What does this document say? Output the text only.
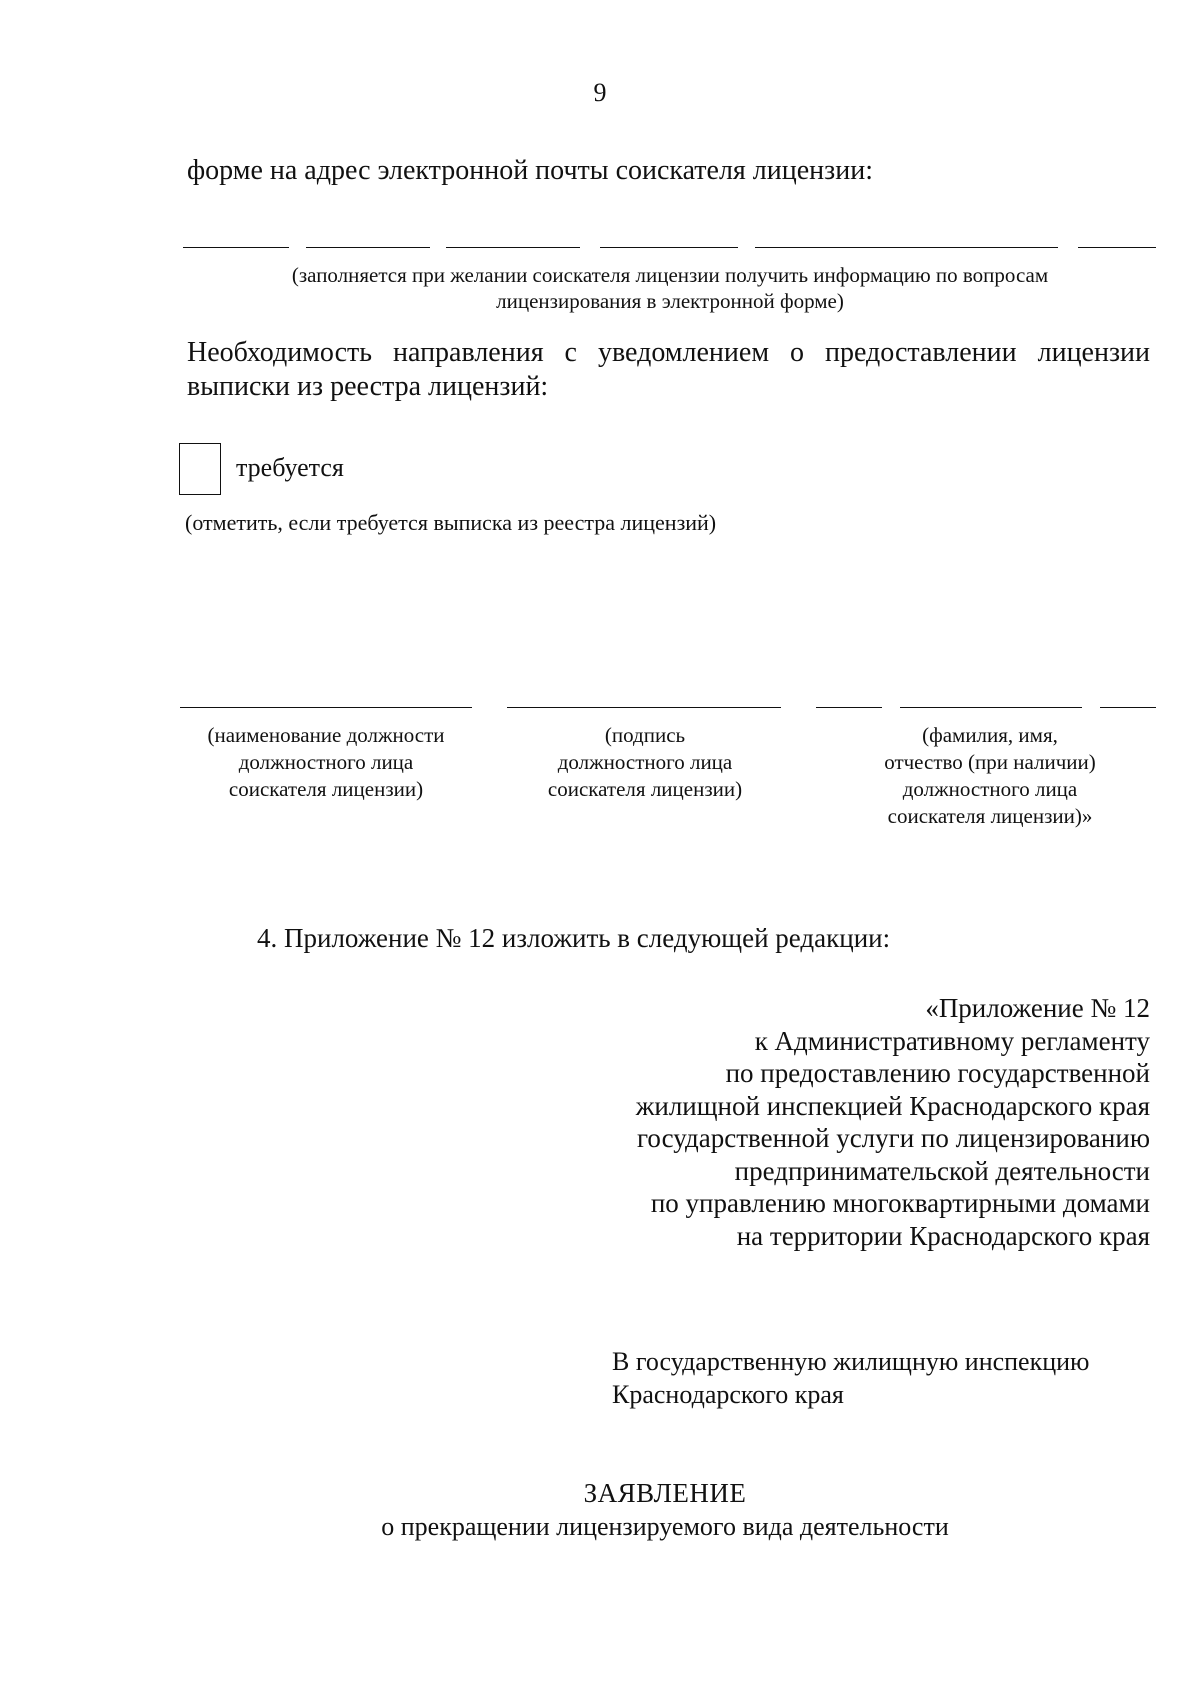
9
форме на адрес электронной почты соискателя лицензии:
(заполняется при желании соискателя лицензии получить информацию по вопросам
лицензирования в электронной форме)
Необходимость направления с уведомлением о предоставлении лицензии выписки из реестра лицензий:
требуется
(отметить, если требуется выписка из реестра лицензий)
(наименование должности
должностного лица
соискателя лицензии)
(подпись
должностного лица
соискателя лицензии)
(фамилия, имя,
отчество (при наличии)
должностного лица
соискателя лицензии)»
4. Приложение № 12 изложить в следующей редакции:
«Приложение № 12
к Административному регламенту
по предоставлению государственной
жилищной инспекцией Краснодарского края
государственной услуги по лицензированию
предпринимательской деятельности
по управлению многоквартирными домами
на территории Краснодарского края
В государственную жилищную инспекцию
Краснодарского края
ЗАЯВЛЕНИЕ
о прекращении лицензируемого вида деятельности
